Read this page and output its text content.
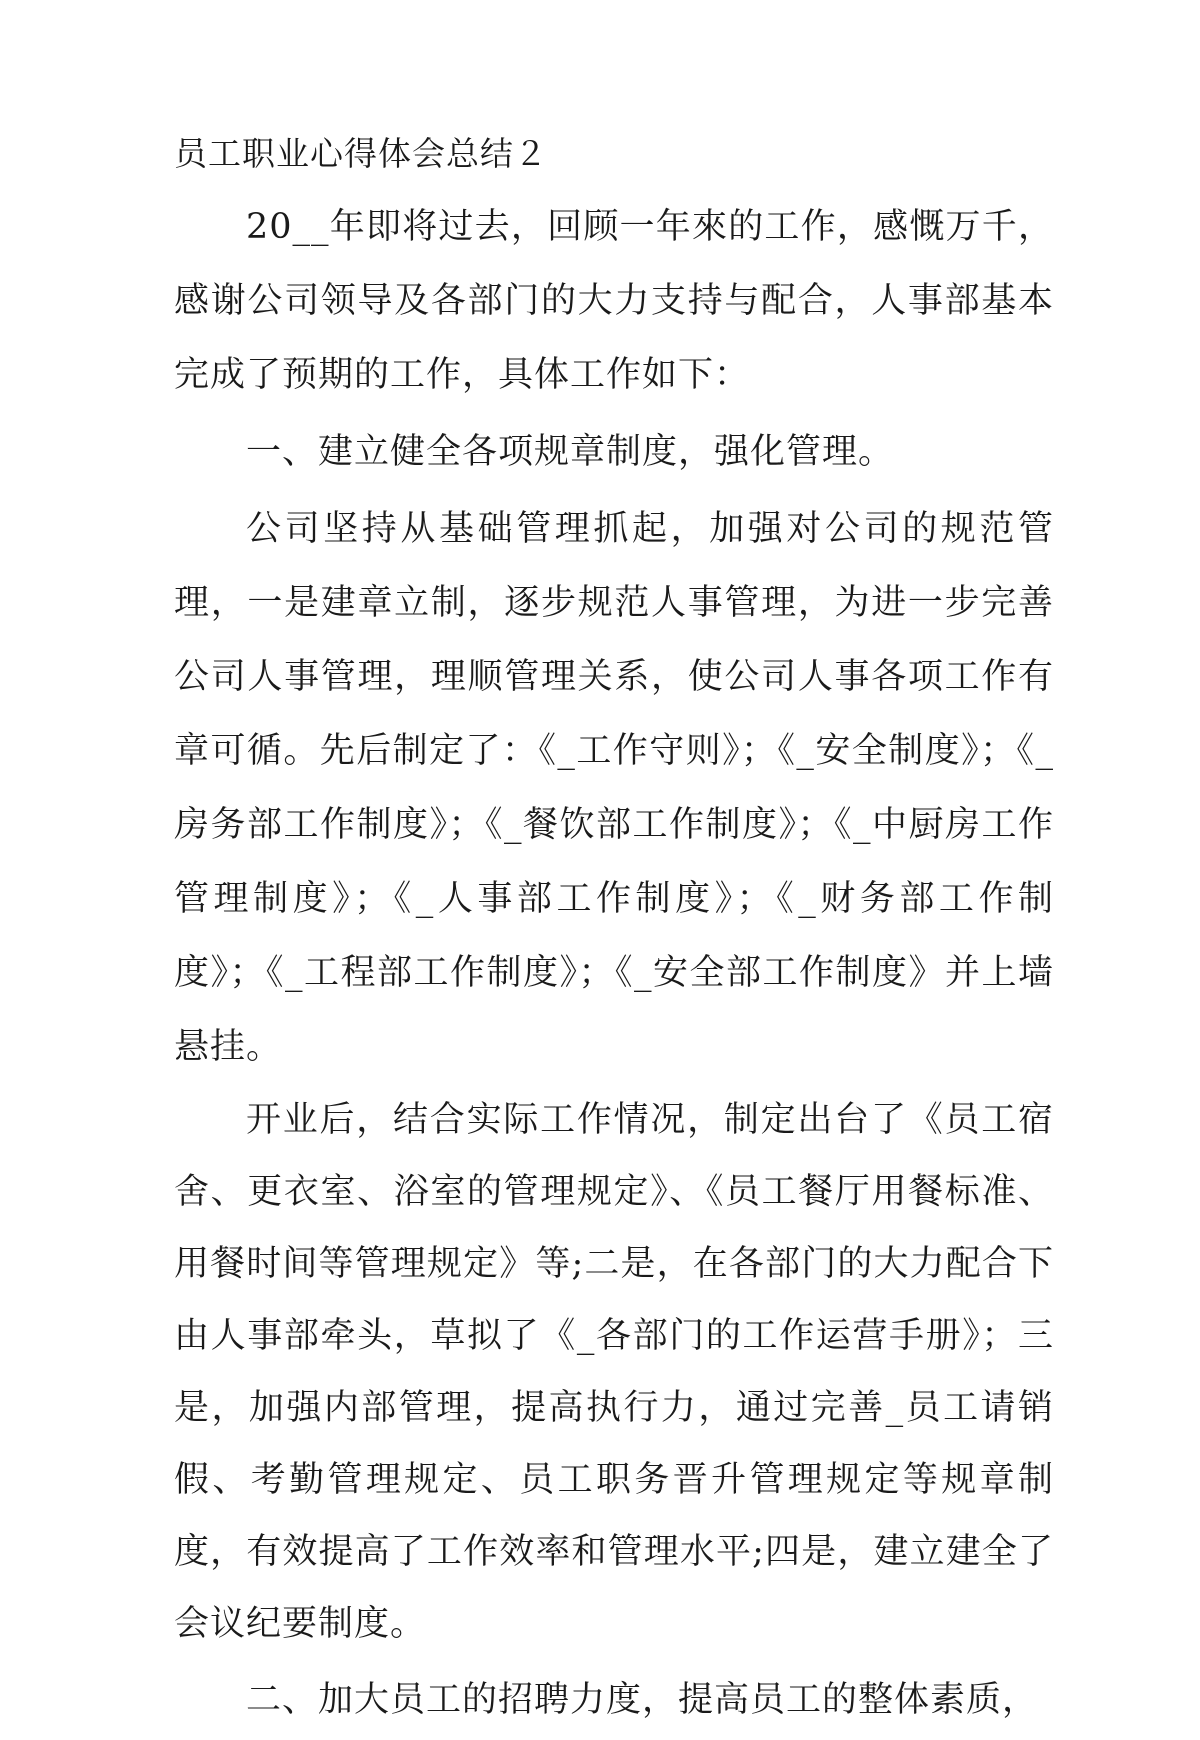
员工职业心得体会总结２

20__年即将过去，回顾一年來的工作，感慨万千，感谢公司领导及各部门的大力支持与配合，人事部基本完成了预期的工作，具体工作如下：

一、建立健全各项规章制度，强化管理。

公司坚持从基础管理抓起，加强对公司的规范管理，一是建章立制，逐步规范人事管理，为进一步完善公司人事管理，理顺管理关系，使公司人事各项工作有章可循。先后制定了：《_工作守则》；《_安全制度》；《_房务部工作制度》；《_餐饮部工作制度》；《_中厨房工作管理制度》；《_人事部工作制度》；《_财务部工作制度》；《_工程部工作制度》；《_安全部工作制度》并上墙悬挂。

开业后，结合实际工作情况，制定出台了《员工宿舍、更衣室、浴室的管理规定》、《员工餐厅用餐标准、用餐时间等管理规定》等;二是，在各部门的大力配合下由人事部牵头，草拟了《_各部门的工作运营手册》；三是，加强内部管理，提高执行力，通过完善_员工请销假、考勤管理规定、员工职务晋升管理规定等规章制度，有效提高了工作效率和管理水平;四是，建立建全了会议纪要制度。

二、加大员工的招聘力度，提高员工的整体素质，
